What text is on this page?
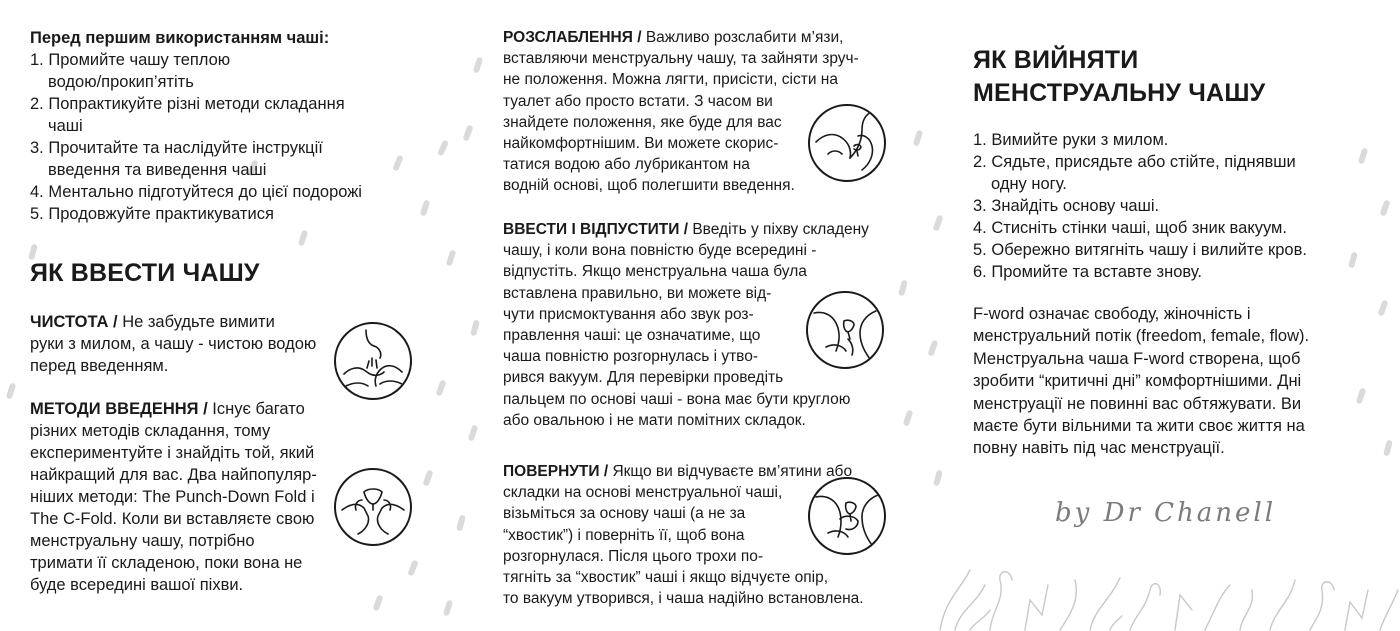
Перед першим використанням чаші:
1. Промийте чашу теплою
водою/прокип’ятіть
2. Попрактикуйте різні методи складання
чаші
3. Прочитайте та наслідуйте інструкції
введення та виведення чаші
4. Ментально підготуйтеся до цієї подорожі
5. Продовжуйте практикуватися
ЯК ВВЕСТИ ЧАШУ
ЧИСТОТА / Не забудьте вимити
руки з милом, а чашу - чистою водою
перед введенням.
МЕТОДИ ВВЕДЕННЯ / Існує багато
різних методів складання, тому
експериментуйте і знайдіть той, який
найкращий для вас. Два найпопуляр-
ніших методи: The Punch-Down Fold і
The C-Fold. Коли ви вставляєте свою
менструальну чашу, потрібно
тримати її складеною, поки вона не
буде всередині вашої піхви.
РОЗСЛАБЛЕННЯ / Важливо розслабити м’язи,
вставляючи менструальну чашу, та зайняти зруч-
не положення. Можна лягти, присісти, сісти на
туалет або просто встати. З часом ви
знайдете положення, яке буде для вас
найкомфортнішим. Ви можете скорис-
татися водою або лубрикантом на
водній основі, щоб полегшити введення.
ВВЕСТИ І ВІДПУСТИТИ / Введіть у піхву складену
чашу, і коли вона повністю буде всередині -
відпустіть. Якщо менструальна чаша була
вставлена правильно, ви можете від-
чути присмоктування або звук роз-
правлення чаші: це означатиме, що
чаша повністю розгорнулась і утво-
рився вакуум. Для перевірки проведіть
пальцем по основі чаші - вона має бути круглою
або овальною і не мати помітних складок.
ПОВЕРНУТИ / Якщо ви відчуваєте вм’ятини або
складки на основі менструальної чаші,
візьміться за основу чаші (а не за
“хвостик”) і поверніть її, щоб вона
розгорнулася. Після цього трохи по-
тягніть за “хвостик” чаші і якщо відчуєте опір,
то вакуум утворився, і чаша надійно встановлена.
ЯК ВИЙНЯТИ
МЕНСТРУАЛЬНУ ЧАШУ
1. Вимийте руки з милом.
2. Сядьте, присядьте або стійте, піднявши
одну ногу.
3. Знайдіть основу чаші.
4. Стисніть стінки чаші, щоб зник вакуум.
5. Обережно витягніть чашу і вилийте кров.
6. Промийте та вставте знову.
F-word означає свободу, жіночність і
менструальний потік (freedom, female, flow).
Менструальна чаша F-word створена, щоб
зробити “критичні дні” комфортнішими. Дні
менструації не повинні вас обтяжувати. Ви
маєте бути вільними та жити своє життя на
повну навіть під час менструації.
by Dr Chanell
